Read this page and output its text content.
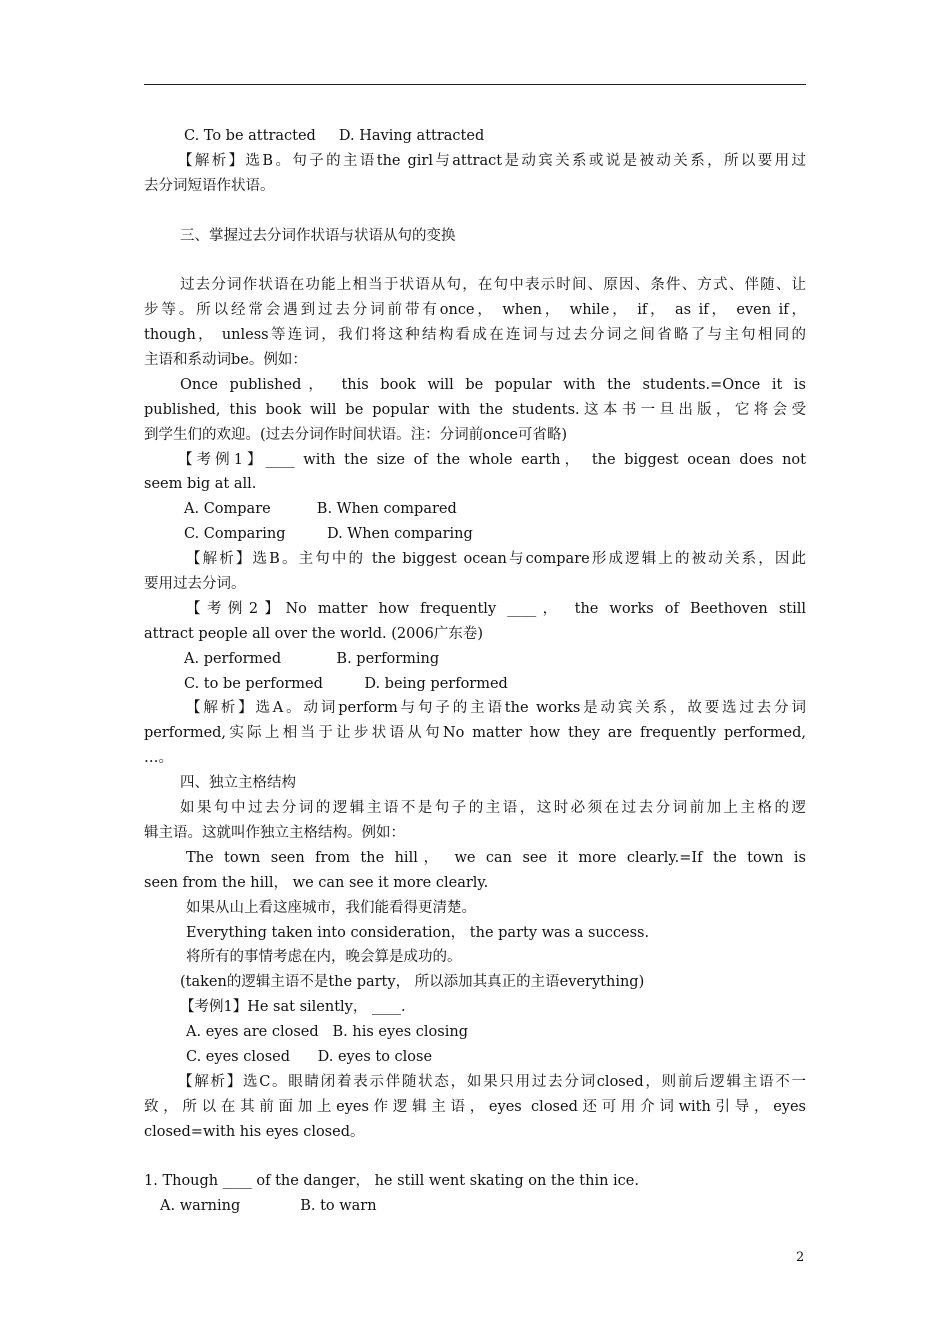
C. To be attracted     D. Having attracted
【解析】选B。句子的主语the girl与attract是动宾关系或说是被动关系，所以要用过
去分词短语作状语。
三、掌握过去分词作状语与状语从句的变换
过去分词作状语在功能上相当于状语从句，在句中表示时间、原因、条件、方式、伴随、让
步等。所以经常会遇到过去分词前带有once， when， while， if， as if， even if，
though， unless等连词，我们将这种结构看成在连词与过去分词之间省略了与主句相同的
主语和系动词be。例如：
Once published， this book will be popular with the students.=Once it is
published, this book will be popular with the students.这本书一旦出版，它将会受
到学生们的欢迎。(过去分词作时间状语。注：分词前once可省略)
【考例1】____ with the size of the whole earth， the biggest ocean does not
seem big at all.
A. Compare          B. When compared
C. Comparing         D. When comparing
【解析】选B。主句中的 the biggest ocean与compare形成逻辑上的被动关系，因此
要用过去分词。
【考例2】No matter how frequently ____， the works of Beethoven still
attract people all over the world. (2006广东卷)
A. performed            B. performing
C. to be performed         D. being performed
【解析】选A。动词perform与句子的主语the works是动宾关系，故要选过去分词
performed,实际上相当于让步状语从句No matter how they are frequently performed,
…。
四、独立主格结构
如果句中过去分词的逻辑主语不是句子的主语，这时必须在过去分词前加上主格的逻
辑主语。这就叫作独立主格结构。例如：
The town seen from the hill， we can see it more clearly.=If the town is
seen from the hill， we can see it more clearly.
如果从山上看这座城市，我们能看得更清楚。
Everything taken into consideration， the party was a success.
将所有的事情考虑在内，晚会算是成功的。
(taken的逻辑主语不是the party， 所以添加其真正的主语everything)
【考例1】He sat silently， ____.
A. eyes are closed   B. his eyes closing
C. eyes closed      D. eyes to close
【解析】选C。眼睛闭着表示伴随状态，如果只用过去分词closed，则前后逻辑主语不一
致，所以在其前面加上eyes作逻辑主语，eyes closed还可用介词with引导，eyes
closed=with his eyes closed。
1. Though ____ of the danger， he still went skating on the thin ice.
A. warning             B. to warn
2
